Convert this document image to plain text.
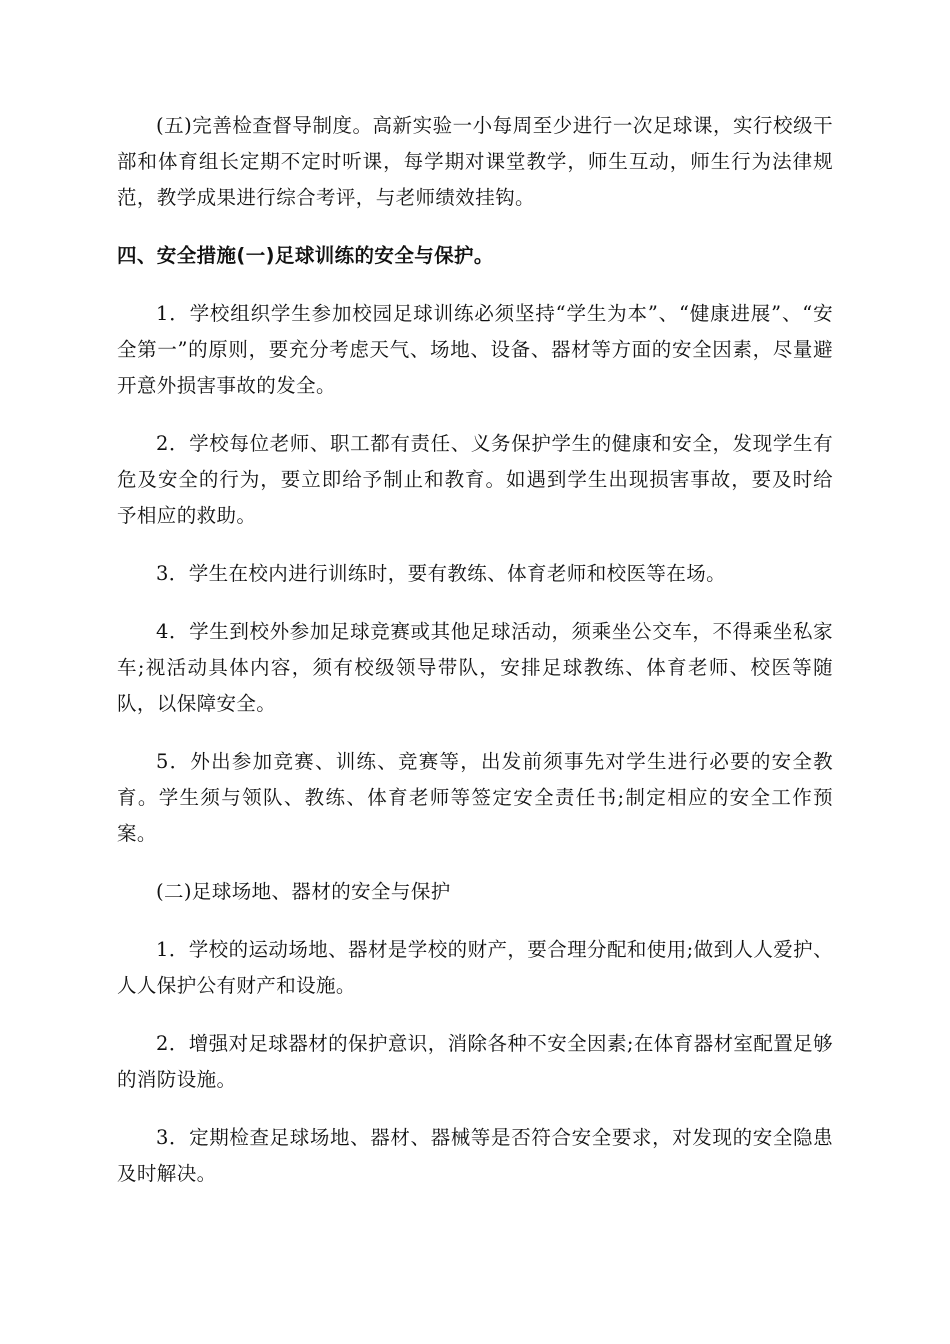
(五)完善检查督导制度。高新实验一小每周至少进行一次足球课，实行校级干部和体育组长定期不定时听课，每学期对课堂教学，师生互动，师生行为法律规范，教学成果进行综合考评，与老师绩效挂钩。

四、安全措施(一)足球训练的安全与保护。

1．学校组织学生参加校园足球训练必须坚持“学生为本”、“健康进展”、“安全第一”的原则，要充分考虑天气、场地、设备、器材等方面的安全因素，尽量避开意外损害事故的发全。

2．学校每位老师、职工都有责任、义务保护学生的健康和安全，发现学生有危及安全的行为，要立即给予制止和教育。如遇到学生出现损害事故，要及时给予相应的救助。

3．学生在校内进行训练时，要有教练、体育老师和校医等在场。

4．学生到校外参加足球竞赛或其他足球活动，须乘坐公交车，不得乘坐私家车;视活动具体内容，须有校级领导带队，安排足球教练、体育老师、校医等随队，以保障安全。

5．外出参加竞赛、训练、竞赛等，出发前须事先对学生进行必要的安全教育。学生须与领队、教练、体育老师等签定安全责任书;制定相应的安全工作预案。

(二)足球场地、器材的安全与保护

1．学校的运动场地、器材是学校的财产，要合理分配和使用;做到人人爱护、人人保护公有财产和设施。

2．增强对足球器材的保护意识，消除各种不安全因素;在体育器材室配置足够的消防设施。

3．定期检查足球场地、器材、器械等是否符合安全要求，对发现的安全隐患及时解决。
